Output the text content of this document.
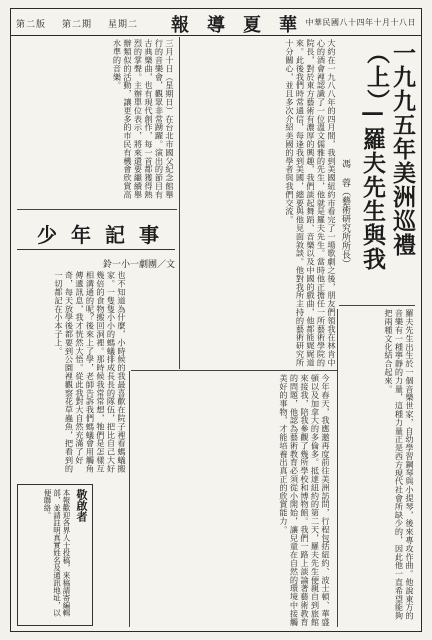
第二版 第二期 星期二 報 導 夏 華 中華民國八十四年十月十八日
一九九五年美洲巡禮（上）
—羅夫先生與我
馮 蓉（藝術研究所所長）
大約在一九八八年的四月間，我到美國紐約市看完了一場歌劇之後，朋友們領我在林肯中心的酒會裡認識了一位溫文儒雅的先生，他就是羅夫先生。當時他正擔任一所藝術學院的院長，對於東方藝術有濃厚的興趣，我們談起舞蹈、音樂以及中國的戲曲，他都能娓娓道來。此後我們時常通信，每逢我到美國，總要與他見面敘談。他對我所主持的藝術研究所十分關心，並且多次介紹美國的學者與我們交流。
羅夫先生出生於一個音樂世家，自幼學習鋼琴與小提琴，後來專攻作曲。他說東方的音樂有一種寧靜的力量，這種力量正是西方現代社會所缺少的，因此他一直希望能夠把兩種文化結合起來。
今年春天，我應邀再度前往美洲訪問，行程包括紐約、波士頓、華盛頓以及加拿大的多倫多。抵達紐約的第二天，羅夫先生便親自到旅館來接我，陪我參觀了幾所學校和博物館。我們一路上談論著藝術教育的問題，他認為藝術教育必須從小開始，讓兒童在自然的環境中接觸美好的事物，才能培養出真正的欣賞能力。
三月十日（星期日）在台北市國父紀念館舉行的音樂會，觀眾非常踴躍。演出的節目有古典樂曲，也有現代創作，每一首都獲得熱烈的掌聲。主辦單位表示，將來還要繼續舉辦類似的活動，讓更多的市民有機會欣賞高水準的音樂。
少年記事
鈴一小一劇團／文
也不知道為什麼，小時候的我最喜歡在院子裡看螞蟻搬家。一隻隻小小的螞蟻排成長長的隊伍，把比自己大好幾倍的食物搬回洞裡。那時候我常常想，牠們是怎樣互相溝通的呢？後來上了學，老師告訴我們螞蟻會用觸角傳遞訊息，我才恍然大悟。從此我對大自然充滿了好奇，每天放學後都要到公園裡觀察花草蟲魚，把看到的一切都記在小本子上。
敬啟者
本報歡迎各界人士投稿，來稿請寄編輯部，並請註明真實姓名及通訊地址，以便聯絡。
